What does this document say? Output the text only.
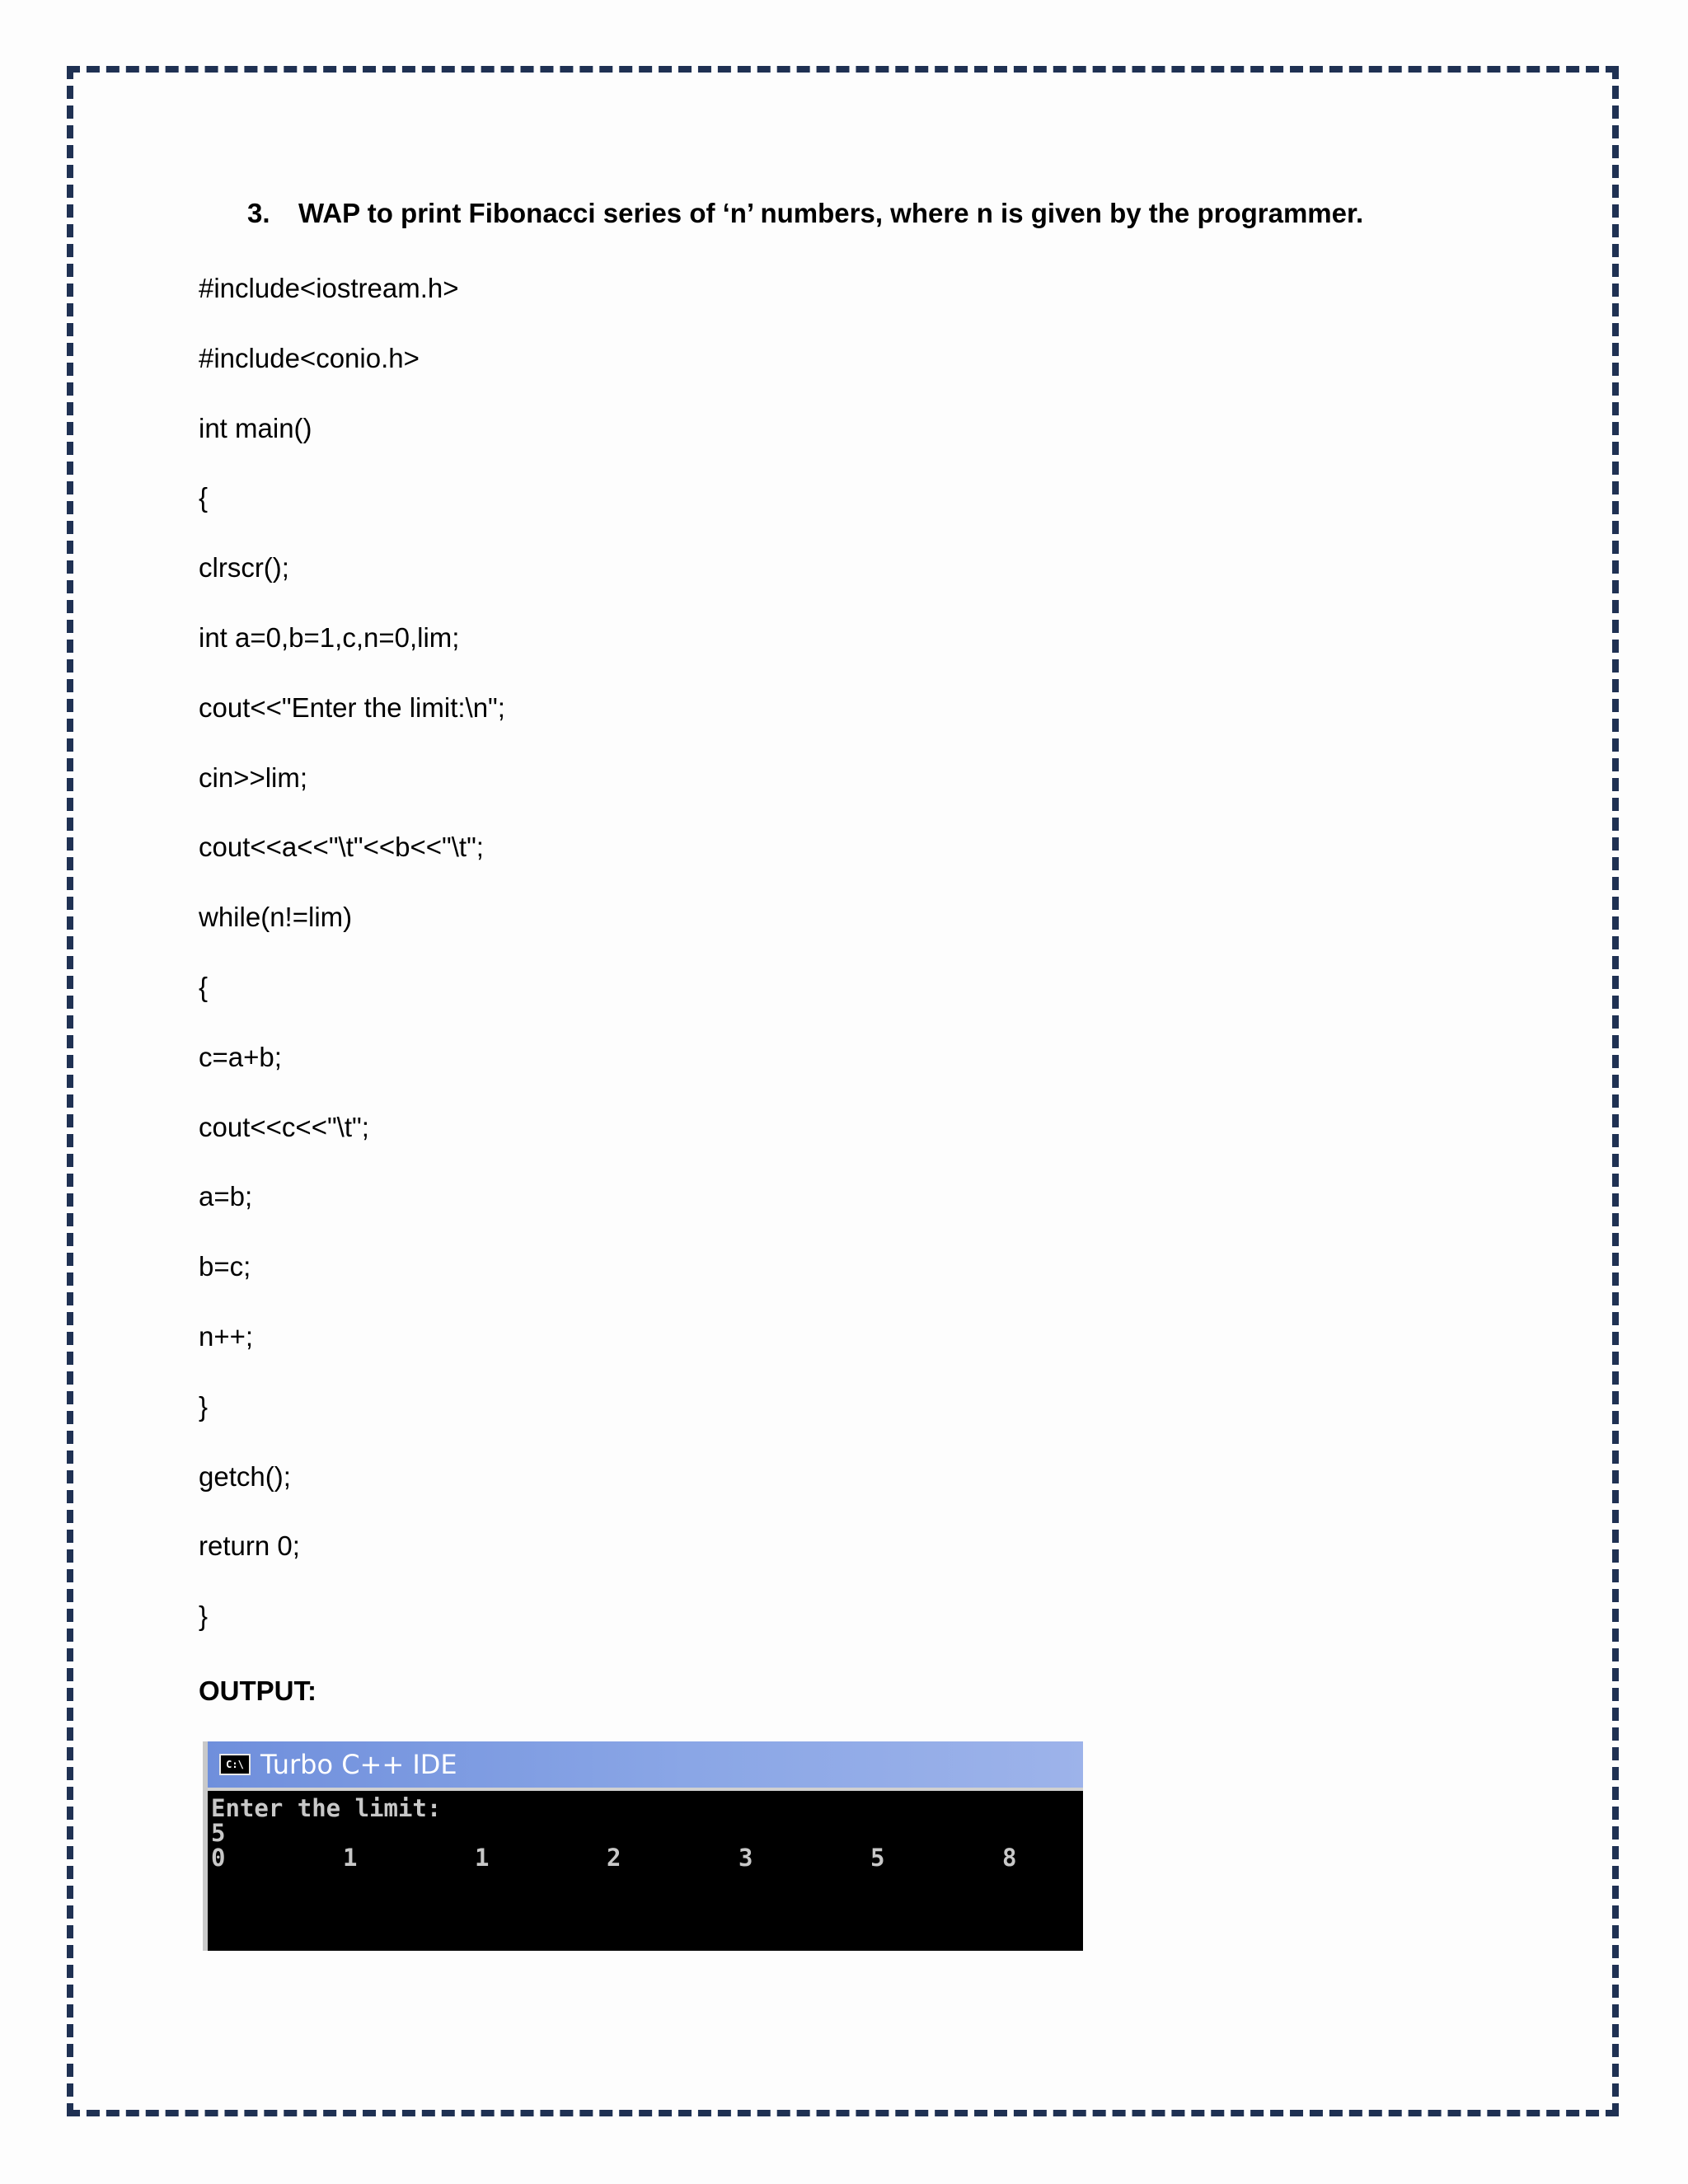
3. WAP to print Fibonacci series of ‘n’ numbers, where n is given by the programmer.
#include<iostream.h>
#include<conio.h>
int main()
{
clrscr();
int a=0,b=1,c,n=0,lim;
cout<<"Enter the limit:\n";
cin>>lim;
cout<<a<<"\t"<<b<<"\t";
while(n!=lim)
{
c=a+b;
cout<<c<<"\t";
a=b;
b=c;
n++;
}
getch();
return 0;
}
OUTPUT:
C:\ Turbo C++ IDE
Enter the limit:
5
0	1	1	2	3	5	8
